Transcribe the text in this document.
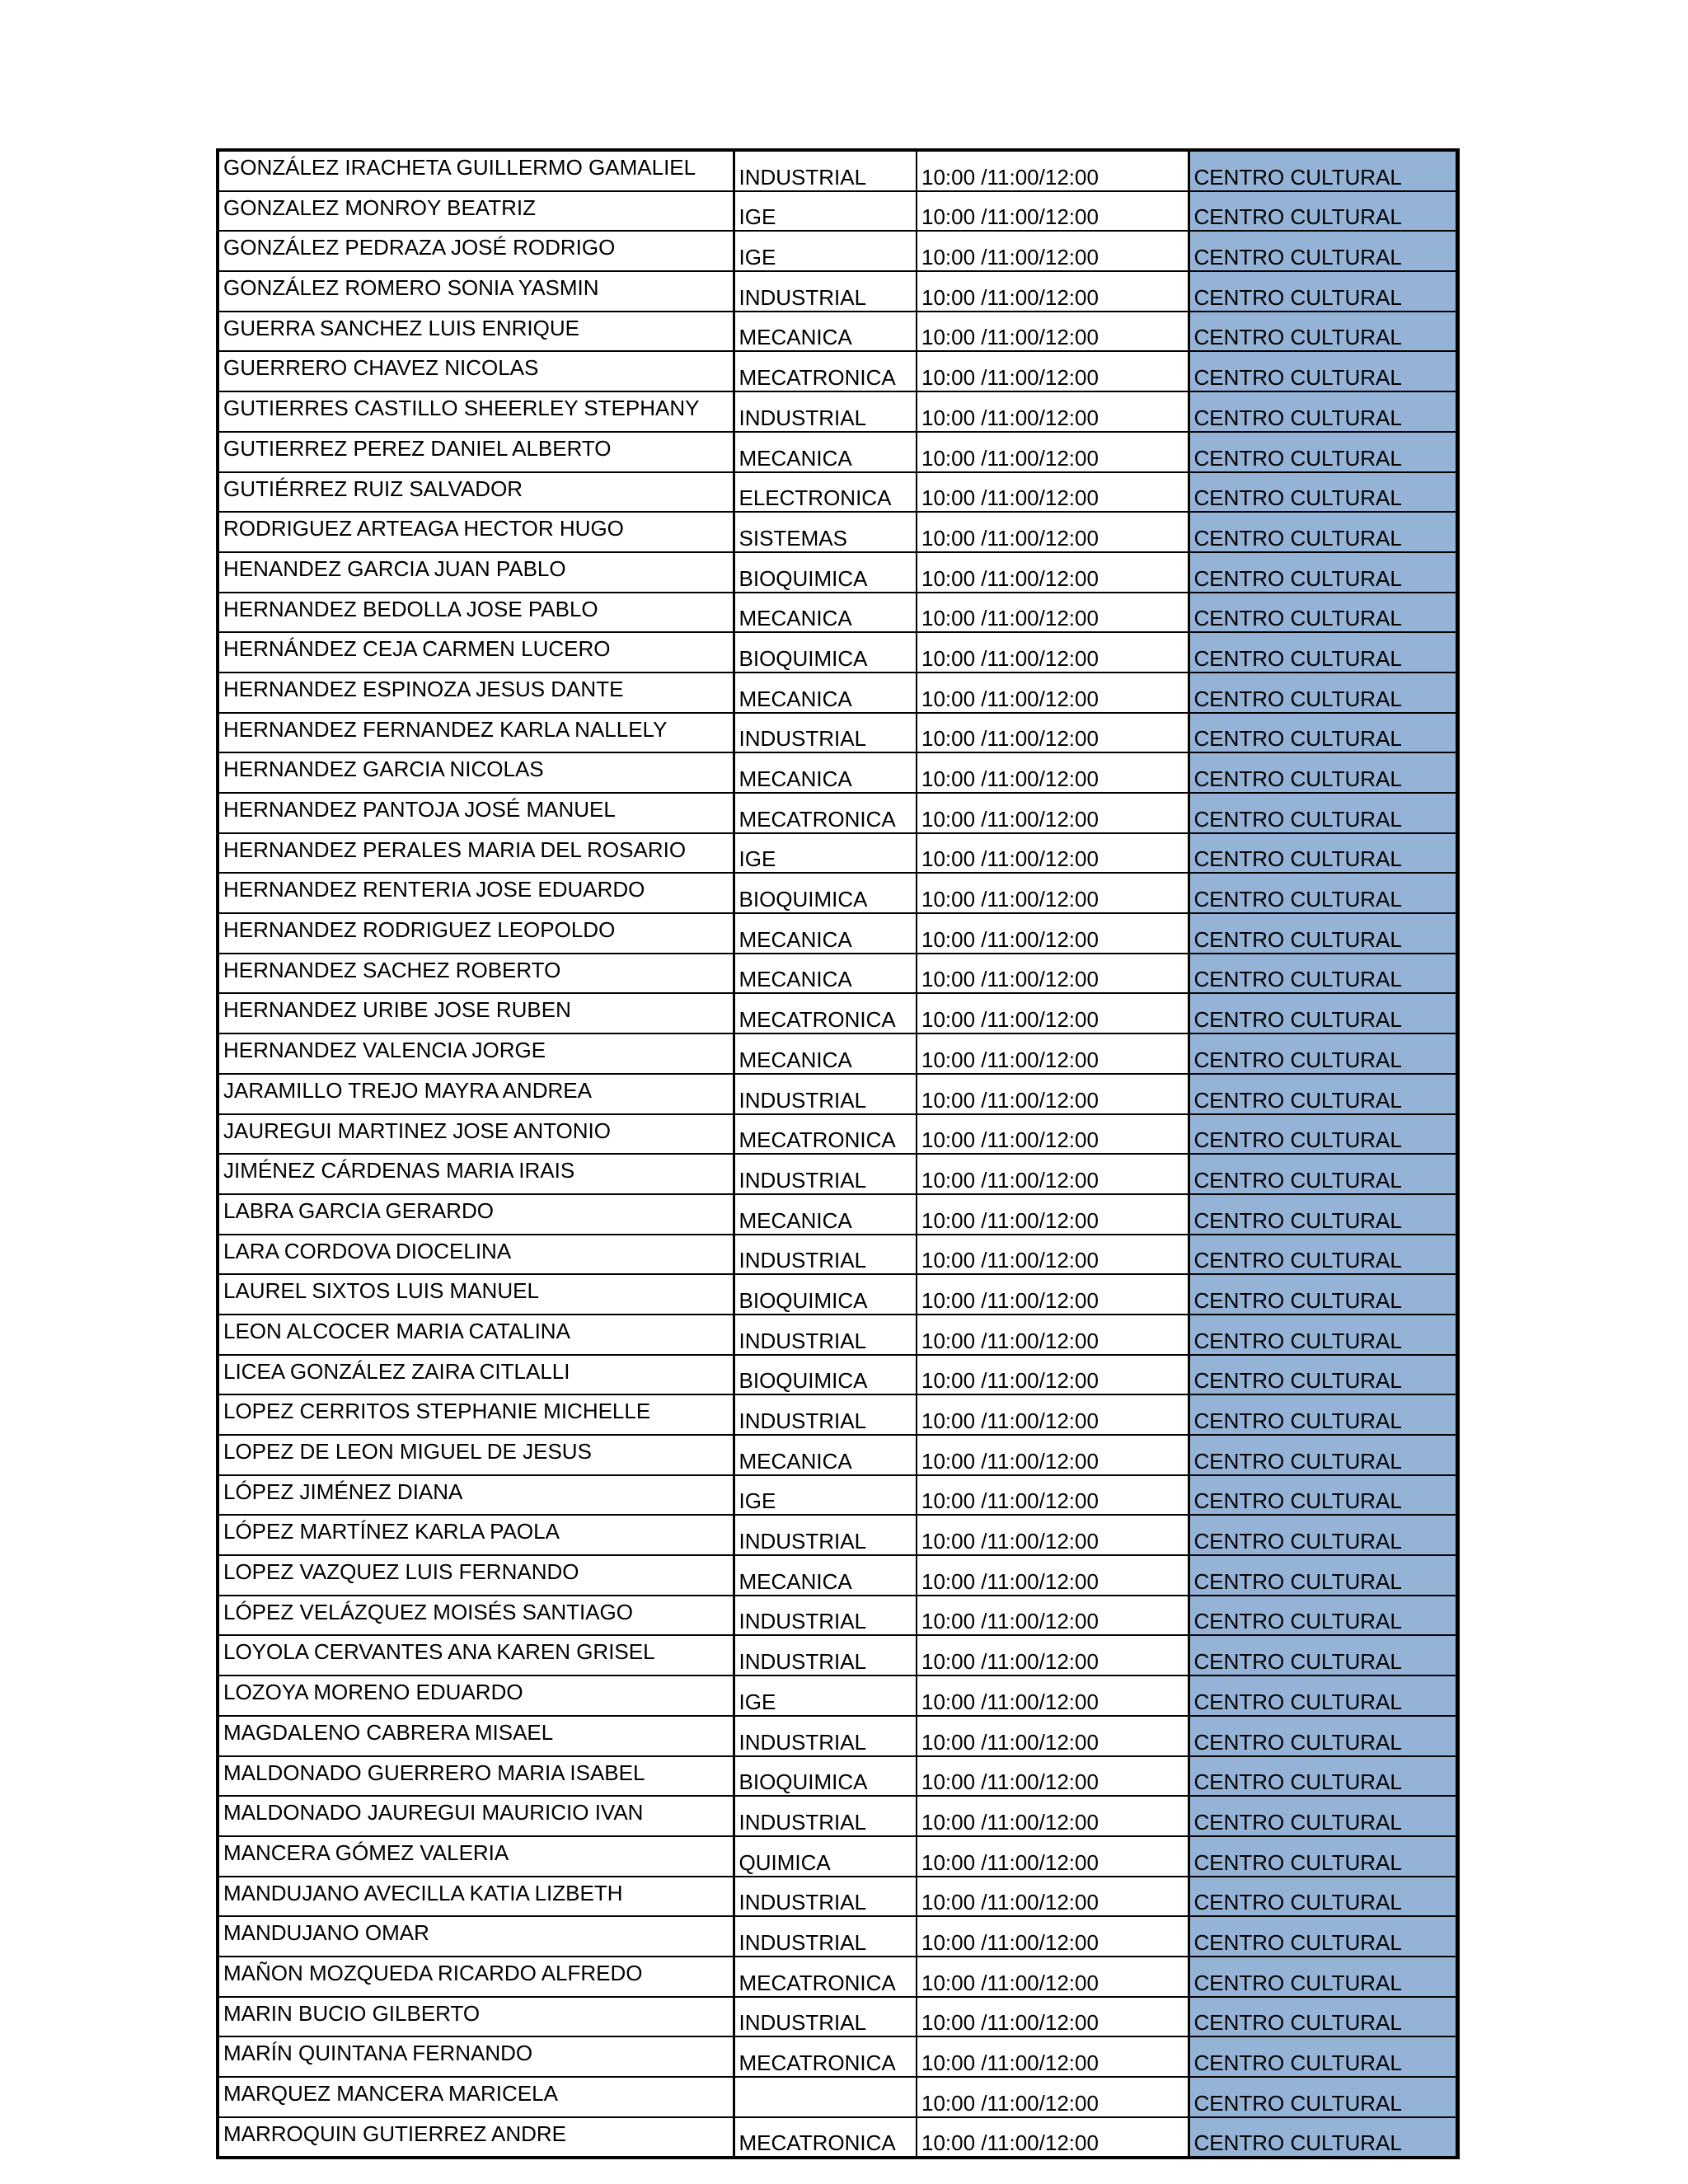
GONZÁLEZ IRACHETA GUILLERMO GAMALIEL	INDUSTRIAL	10:00 /11:00/12:00	CENTRO CULTURAL
GONZALEZ MONROY BEATRIZ	IGE	10:00 /11:00/12:00	CENTRO CULTURAL
GONZÁLEZ PEDRAZA JOSÉ RODRIGO	IGE	10:00 /11:00/12:00	CENTRO CULTURAL
GONZÁLEZ ROMERO SONIA YASMIN	INDUSTRIAL	10:00 /11:00/12:00	CENTRO CULTURAL
GUERRA SANCHEZ LUIS ENRIQUE	MECANICA	10:00 /11:00/12:00	CENTRO CULTURAL
GUERRERO CHAVEZ NICOLAS	MECATRONICA	10:00 /11:00/12:00	CENTRO CULTURAL
GUTIERRES CASTILLO SHEERLEY STEPHANY	INDUSTRIAL	10:00 /11:00/12:00	CENTRO CULTURAL
GUTIERREZ PEREZ DANIEL ALBERTO	MECANICA	10:00 /11:00/12:00	CENTRO CULTURAL
GUTIÉRREZ RUIZ SALVADOR	ELECTRONICA	10:00 /11:00/12:00	CENTRO CULTURAL
RODRIGUEZ ARTEAGA HECTOR HUGO	SISTEMAS	10:00 /11:00/12:00	CENTRO CULTURAL
HENANDEZ GARCIA JUAN PABLO	BIOQUIMICA	10:00 /11:00/12:00	CENTRO CULTURAL
HERNANDEZ BEDOLLA JOSE PABLO	MECANICA	10:00 /11:00/12:00	CENTRO CULTURAL
HERNÁNDEZ CEJA CARMEN LUCERO	BIOQUIMICA	10:00 /11:00/12:00	CENTRO CULTURAL
HERNANDEZ ESPINOZA JESUS DANTE	MECANICA	10:00 /11:00/12:00	CENTRO CULTURAL
HERNANDEZ FERNANDEZ KARLA NALLELY	INDUSTRIAL	10:00 /11:00/12:00	CENTRO CULTURAL
HERNANDEZ GARCIA NICOLAS	MECANICA	10:00 /11:00/12:00	CENTRO CULTURAL
HERNANDEZ PANTOJA JOSÉ MANUEL	MECATRONICA	10:00 /11:00/12:00	CENTRO CULTURAL
HERNANDEZ PERALES MARIA DEL ROSARIO	IGE	10:00 /11:00/12:00	CENTRO CULTURAL
HERNANDEZ RENTERIA JOSE EDUARDO	BIOQUIMICA	10:00 /11:00/12:00	CENTRO CULTURAL
HERNANDEZ RODRIGUEZ LEOPOLDO	MECANICA	10:00 /11:00/12:00	CENTRO CULTURAL
HERNANDEZ SACHEZ ROBERTO	MECANICA	10:00 /11:00/12:00	CENTRO CULTURAL
HERNANDEZ URIBE JOSE RUBEN	MECATRONICA	10:00 /11:00/12:00	CENTRO CULTURAL
HERNANDEZ VALENCIA JORGE	MECANICA	10:00 /11:00/12:00	CENTRO CULTURAL
JARAMILLO TREJO MAYRA ANDREA	INDUSTRIAL	10:00 /11:00/12:00	CENTRO CULTURAL
JAUREGUI MARTINEZ JOSE ANTONIO	MECATRONICA	10:00 /11:00/12:00	CENTRO CULTURAL
JIMÉNEZ CÁRDENAS MARIA IRAIS	INDUSTRIAL	10:00 /11:00/12:00	CENTRO CULTURAL
LABRA GARCIA GERARDO	MECANICA	10:00 /11:00/12:00	CENTRO CULTURAL
LARA CORDOVA DIOCELINA	INDUSTRIAL	10:00 /11:00/12:00	CENTRO CULTURAL
LAUREL SIXTOS LUIS MANUEL	BIOQUIMICA	10:00 /11:00/12:00	CENTRO CULTURAL
LEON ALCOCER MARIA CATALINA	INDUSTRIAL	10:00 /11:00/12:00	CENTRO CULTURAL
LICEA GONZÁLEZ ZAIRA CITLALLI	BIOQUIMICA	10:00 /11:00/12:00	CENTRO CULTURAL
LOPEZ CERRITOS STEPHANIE MICHELLE	INDUSTRIAL	10:00 /11:00/12:00	CENTRO CULTURAL
LOPEZ DE LEON MIGUEL DE JESUS	MECANICA	10:00 /11:00/12:00	CENTRO CULTURAL
LÓPEZ JIMÉNEZ DIANA	IGE	10:00 /11:00/12:00	CENTRO CULTURAL
LÓPEZ MARTÍNEZ KARLA PAOLA	INDUSTRIAL	10:00 /11:00/12:00	CENTRO CULTURAL
LOPEZ VAZQUEZ LUIS FERNANDO	MECANICA	10:00 /11:00/12:00	CENTRO CULTURAL
LÓPEZ VELÁZQUEZ MOISÉS SANTIAGO	INDUSTRIAL	10:00 /11:00/12:00	CENTRO CULTURAL
LOYOLA CERVANTES ANA KAREN GRISEL	INDUSTRIAL	10:00 /11:00/12:00	CENTRO CULTURAL
LOZOYA MORENO EDUARDO	IGE	10:00 /11:00/12:00	CENTRO CULTURAL
MAGDALENO CABRERA MISAEL	INDUSTRIAL	10:00 /11:00/12:00	CENTRO CULTURAL
MALDONADO GUERRERO MARIA ISABEL	BIOQUIMICA	10:00 /11:00/12:00	CENTRO CULTURAL
MALDONADO JAUREGUI MAURICIO IVAN	INDUSTRIAL	10:00 /11:00/12:00	CENTRO CULTURAL
MANCERA GÓMEZ VALERIA	QUIMICA	10:00 /11:00/12:00	CENTRO CULTURAL
MANDUJANO AVECILLA KATIA LIZBETH	INDUSTRIAL	10:00 /11:00/12:00	CENTRO CULTURAL
MANDUJANO OMAR	INDUSTRIAL	10:00 /11:00/12:00	CENTRO CULTURAL
MAÑON MOZQUEDA RICARDO ALFREDO	MECATRONICA	10:00 /11:00/12:00	CENTRO CULTURAL
MARIN BUCIO GILBERTO	INDUSTRIAL	10:00 /11:00/12:00	CENTRO CULTURAL
MARÍN QUINTANA FERNANDO	MECATRONICA	10:00 /11:00/12:00	CENTRO CULTURAL
MARQUEZ MANCERA MARICELA		10:00 /11:00/12:00	CENTRO CULTURAL
MARROQUIN GUTIERREZ ANDRE	MECATRONICA	10:00 /11:00/12:00	CENTRO CULTURAL
